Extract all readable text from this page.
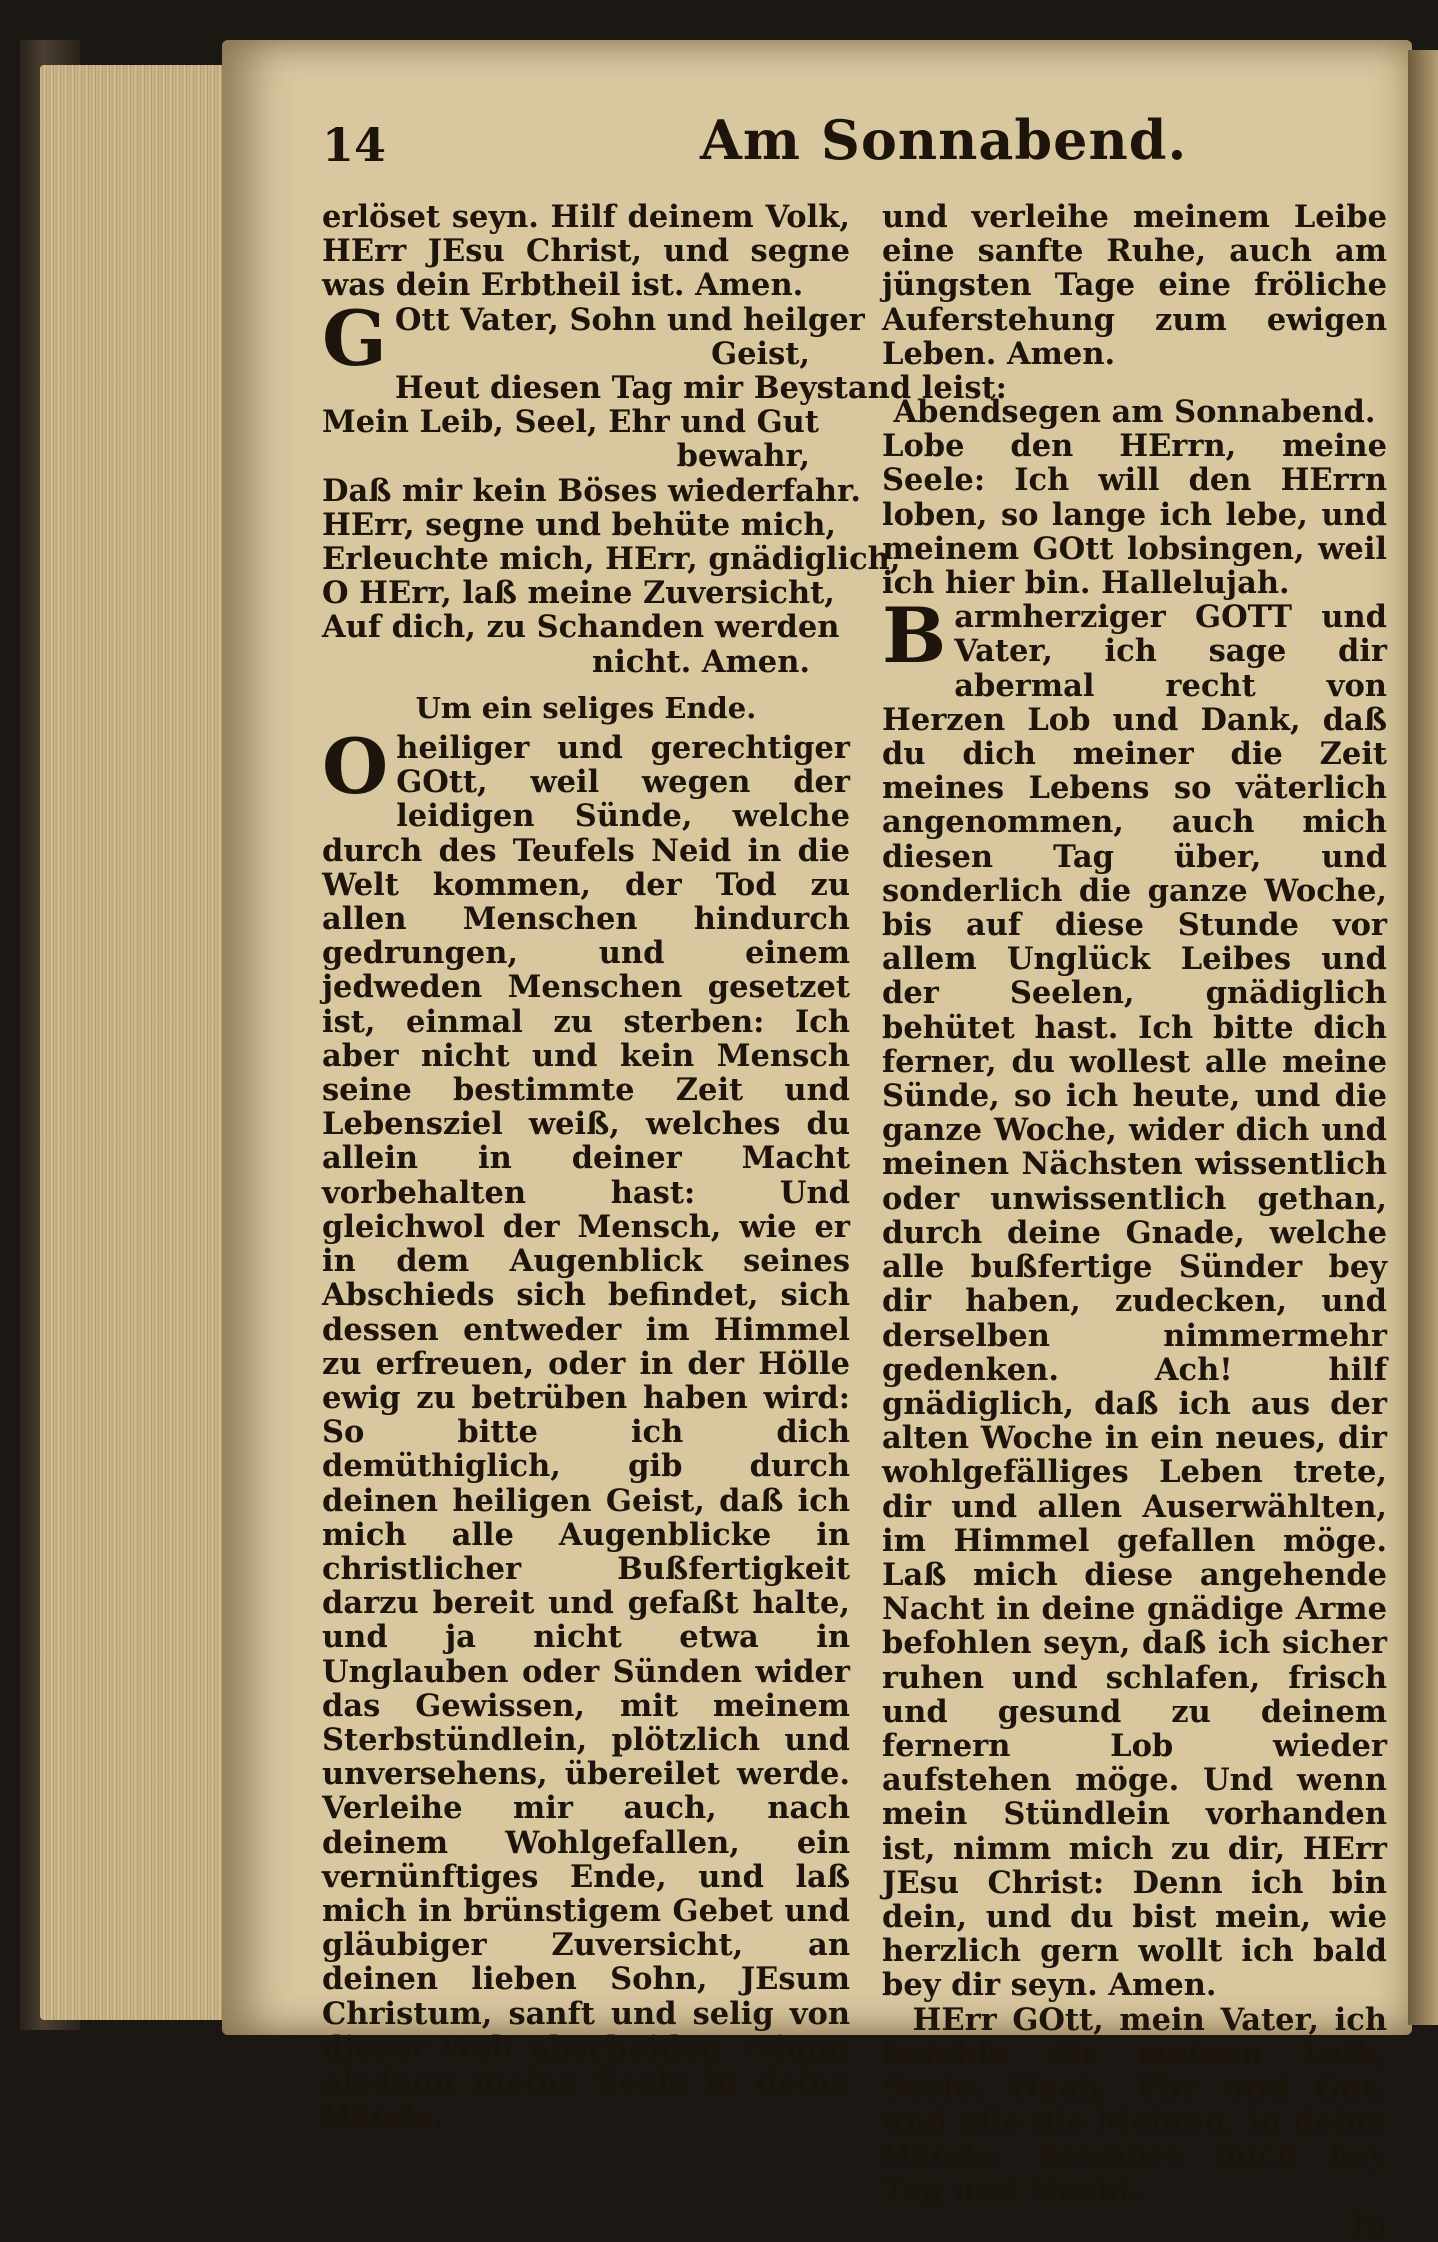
14	Am Sonnabend.

erlöset seyn. Hilf deinem Volk, HErr JEsu Christ, und segne was dein Erbtheil ist. Amen.

G Ott Vater, Sohn und heilger
Geist,
Heut diesen Tag mir Beystand leist:
Mein Leib, Seel, Ehr und Gut
bewahr,
Daß mir kein Böses wiederfahr.
HErr, segne und behüte mich,
Erleuchte mich, HErr, gnädiglich,
O HErr, laß meine Zuversicht,
Auf dich, zu Schanden werden
nicht. Amen.

Um ein seliges Ende.

O heiliger und gerechtiger GOtt, weil wegen der leidigen Sünde, welche durch des Teufels Neid in die Welt kommen, der Tod zu allen Menschen hindurch gedrungen, und einem jedweden Menschen gesetzet ist, einmal zu sterben: Ich aber nicht und kein Mensch seine bestimmte Zeit und Lebensziel weiß, welches du allein in deiner Macht vorbehalten hast: Und gleichwol der Mensch, wie er in dem Augenblick seines Abschieds sich befindet, sich dessen entweder im Himmel zu erfreuen, oder in der Hölle ewig zu betrüben haben wird: So bitte ich dich demüthiglich, gib durch deinen heiligen Geist, daß ich mich alle Augenblicke in christlicher Bußfertigkeit darzu bereit und gefaßt halte, und ja nicht etwa in Unglauben oder Sünden wider das Gewissen, mit meinem Sterbstündlein, plötzlich und unversehens, übereilet werde. Verleihe mir auch, nach deinem Wohlgefallen, ein vernünftiges Ende, und laß mich in brünstigem Gebet und gläubiger Zuversicht, an deinen lieben Sohn, JEsum Christum, sanft und selig von dieser Welt abscheiden. Nimm alsdenn meine Seele in deine Hände,

und verleihe meinem Leibe eine sanfte Ruhe, auch am jüngsten Tage eine fröliche Auferstehung zum ewigen Leben. Amen.

Abendsegen am Sonnabend.

Lobe den HErrn, meine Seele: Ich will den HErrn loben, so lange ich lebe, und meinem GOtt lobsingen, weil ich hier bin. Hallelujah.

B armherziger GOTT und Vater, ich sage dir abermal recht von Herzen Lob und Dank, daß du dich meiner die Zeit meines Lebens so väterlich angenommen, auch mich diesen Tag über, und sonderlich die ganze Woche, bis auf diese Stunde vor allem Unglück Leibes und der Seelen, gnädiglich behütet hast. Ich bitte dich ferner, du wollest alle meine Sünde, so ich heute, und die ganze Woche, wider dich und meinen Nächsten wissentlich oder unwissentlich gethan, durch deine Gnade, welche alle bußfertige Sünder bey dir haben, zudecken, und derselben nimmermehr gedenken. Ach! hilf gnädiglich, daß ich aus der alten Woche in ein neues, dir wohlgefälliges Leben trete, dir und allen Auserwählten, im Himmel gefallen möge. Laß mich diese angehende Nacht in deine gnädige Arme befohlen seyn, daß ich sicher ruhen und schlafen, frisch und gesund zu deinem fernern Lob wieder aufstehen möge. Und wenn mein Stündlein vorhanden ist, nimm mich zu dir, HErr JEsu Christ: Denn ich bin dein, und du bist mein, wie herzlich gern wollt ich bald bey dir seyn. Amen.

HErr GOtt, mein Vater, ich befehle dir meinen Leib, Seele, Haab, Ehr und Gut, und alle die Meinen, in deine Hände: Bewahre mich bey Tag und Nacht.

In
